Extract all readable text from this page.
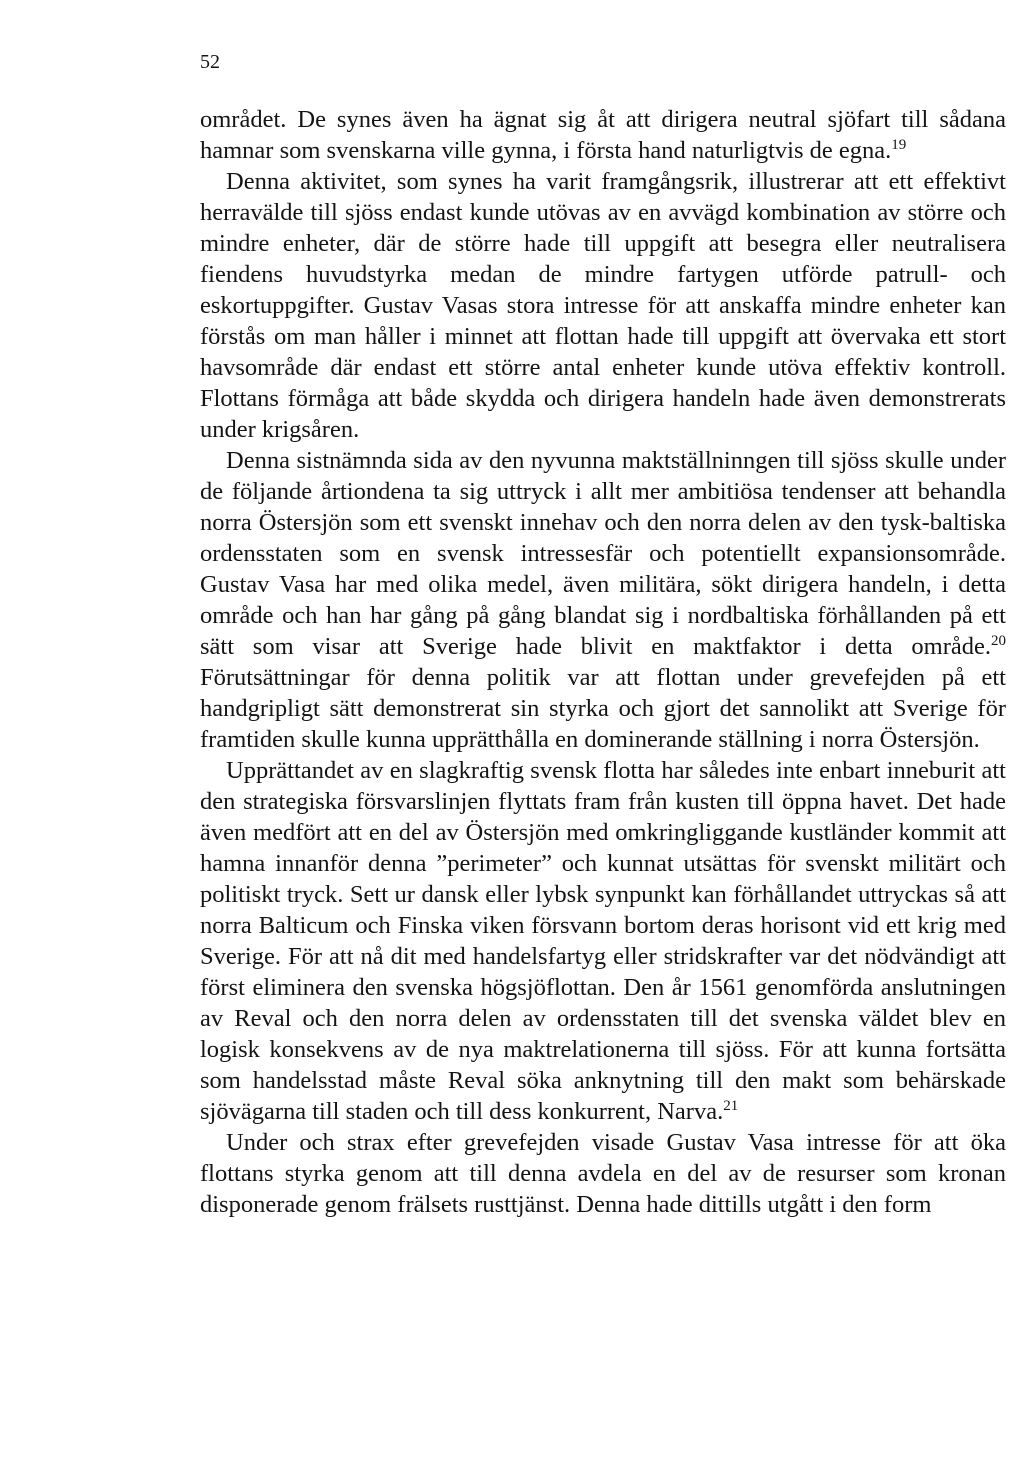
52

området. De synes även ha ägnat sig åt att dirigera neutral sjöfart till sådana hamnar som svenskarna ville gynna, i första hand naturligtvis de egna.$^{19}$

Denna aktivitet, som synes ha varit framgångsrik, illustrerar att ett effektivt herravälde till sjöss endast kunde utövas av en avvägd kombination av större och mindre enheter, där de större hade till uppgift att besegra eller neutralisera fiendens huvudstyrka medan de mindre fartygen utförde patrull- och eskortuppgifter. Gustav Vasas stora intresse för att anskaffa mindre enheter kan förstås om man håller i minnet att flottan hade till uppgift att övervaka ett stort havsområde där endast ett större antal enheter kunde utöva effektiv kontroll. Flottans förmåga att både skydda och dirigera handeln hade även demonstrerats under krigsåren.

Denna sistnämnda sida av den nyvunna maktställninngen till sjöss skulle under de följande årtiondena ta sig uttryck i allt mer ambitiösa tendenser att behandla norra Östersjön som ett svenskt innehav och den norra delen av den tysk-baltiska ordensstaten som en svensk intressesfär och potentiellt expansionsområde. Gustav Vasa har med olika medel, även militära, sökt dirigera handeln, i detta område och han har gång på gång blandat sig i nordbaltiska förhållanden på ett sätt som visar att Sverige hade blivit en maktfaktor i detta område.$^{20}$ Förutsättningar för denna politik var att flottan under grevefejden på ett handgripligt sätt demonstrerat sin styrka och gjort det sannolikt att Sverige för framtiden skulle kunna upprätthålla en dominerande ställning i norra Östersjön.

Upprättandet av en slagkraftig svensk flotta har således inte enbart inneburit att den strategiska försvarslinjen flyttats fram från kusten till öppna havet. Det hade även medfört att en del av Östersjön med omkringliggande kustländer kommit att hamna innanför denna ”perimeter” och kunnat utsättas för svenskt militärt och politiskt tryck. Sett ur dansk eller lybsk synpunkt kan förhållandet uttryckas så att norra Balticum och Finska viken försvann bortom deras horisont vid ett krig med Sverige. För att nå dit med handelsfartyg eller stridskrafter var det nödvändigt att först eliminera den svenska högsjöflottan. Den år 1561 genomförda anslutningen av Reval och den norra delen av ordensstaten till det svenska väldet blev en logisk konsekvens av de nya maktrelationerna till sjöss. För att kunna fortsätta som handelsstad måste Reval söka anknytning till den makt som behärskade sjövägarna till staden och till dess konkurrent, Narva.$^{21}$

Under och strax efter grevefejden visade Gustav Vasa intresse för att öka flottans styrka genom att till denna avdela en del av de resurser som kronan disponerade genom frälsets rusttjänst. Denna hade dittills utgått i den form
